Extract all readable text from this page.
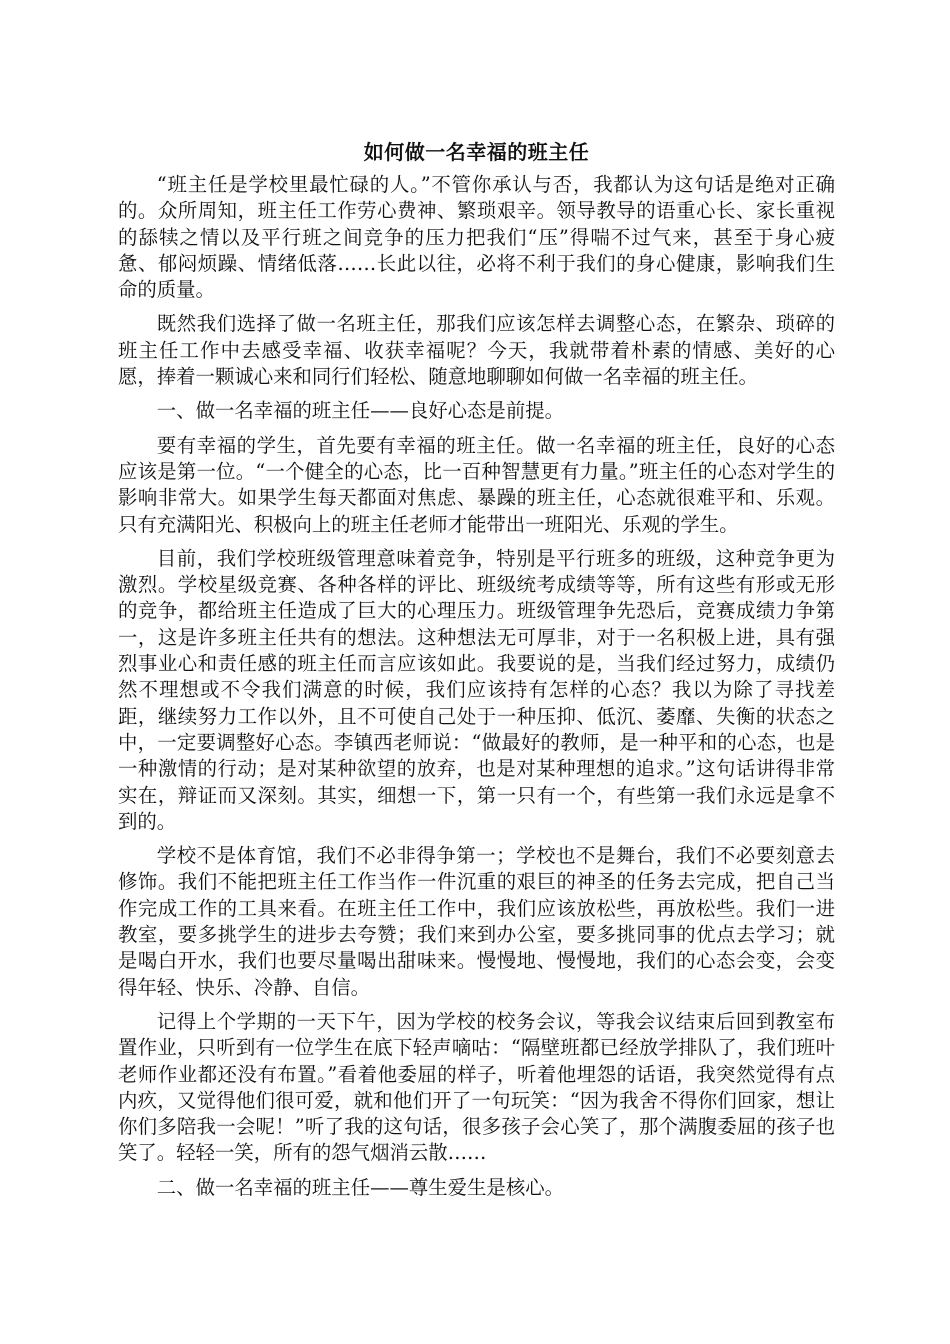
如何做一名幸福的班主任

“班主任是学校里最忙碌的人。”不管你承认与否，我都认为这句话是绝对正确的。众所周知，班主任工作劳心费神、繁琐艰辛。领导教导的语重心长、家长重视的舔犊之情以及平行班之间竞争的压力把我们“压”得喘不过气来，甚至于身心疲惫、郁闷烦躁、情绪低落……长此以往，必将不利于我们的身心健康，影响我们生命的质量。

既然我们选择了做一名班主任，那我们应该怎样去调整心态，在繁杂、琐碎的班主任工作中去感受幸福、收获幸福呢？今天，我就带着朴素的情感、美好的心愿，捧着一颗诚心来和同行们轻松、随意地聊聊如何做一名幸福的班主任。

一、做一名幸福的班主任——良好心态是前提。

要有幸福的学生，首先要有幸福的班主任。做一名幸福的班主任，良好的心态应该是第一位。“一个健全的心态，比一百种智慧更有力量。”班主任的心态对学生的影响非常大。如果学生每天都面对焦虑、暴躁的班主任，心态就很难平和、乐观。只有充满阳光、积极向上的班主任老师才能带出一班阳光、乐观的学生。

目前，我们学校班级管理意味着竞争，特别是平行班多的班级，这种竞争更为激烈。学校星级竞赛、各种各样的评比、班级统考成绩等等，所有这些有形或无形的竞争，都给班主任造成了巨大的心理压力。班级管理争先恐后，竞赛成绩力争第一，这是许多班主任共有的想法。这种想法无可厚非，对于一名积极上进，具有强烈事业心和责任感的班主任而言应该如此。我要说的是，当我们经过努力，成绩仍然不理想或不令我们满意的时候，我们应该持有怎样的心态？我以为除了寻找差距，继续努力工作以外，且不可使自己处于一种压抑、低沉、萎靡、失衡的状态之中，一定要调整好心态。李镇西老师说：“做最好的教师，是一种平和的心态，也是一种激情的行动；是对某种欲望的放弃，也是对某种理想的追求。”这句话讲得非常实在，辩证而又深刻。其实，细想一下，第一只有一个，有些第一我们永远是拿不到的。

学校不是体育馆，我们不必非得争第一；学校也不是舞台，我们不必要刻意去修饰。我们不能把班主任工作当作一件沉重的艰巨的神圣的任务去完成，把自己当作完成工作的工具来看。在班主任工作中，我们应该放松些，再放松些。我们一进教室，要多挑学生的进步去夸赞；我们来到办公室，要多挑同事的优点去学习；就是喝白开水，我们也要尽量喝出甜味来。慢慢地、慢慢地，我们的心态会变，会变得年轻、快乐、冷静、自信。

记得上个学期的一天下午，因为学校的校务会议，等我会议结束后回到教室布置作业，只听到有一位学生在底下轻声嘀咕：“隔壁班都已经放学排队了，我们班叶老师作业都还没有布置。”看着他委屈的样子，听着他埋怨的话语，我突然觉得有点内疚，又觉得他们很可爱，就和他们开了一句玩笑：“因为我舍不得你们回家，想让你们多陪我一会呢！”听了我的这句话，很多孩子会心笑了，那个满腹委屈的孩子也笑了。轻轻一笑，所有的怨气烟消云散……

二、做一名幸福的班主任——尊生爱生是核心。
